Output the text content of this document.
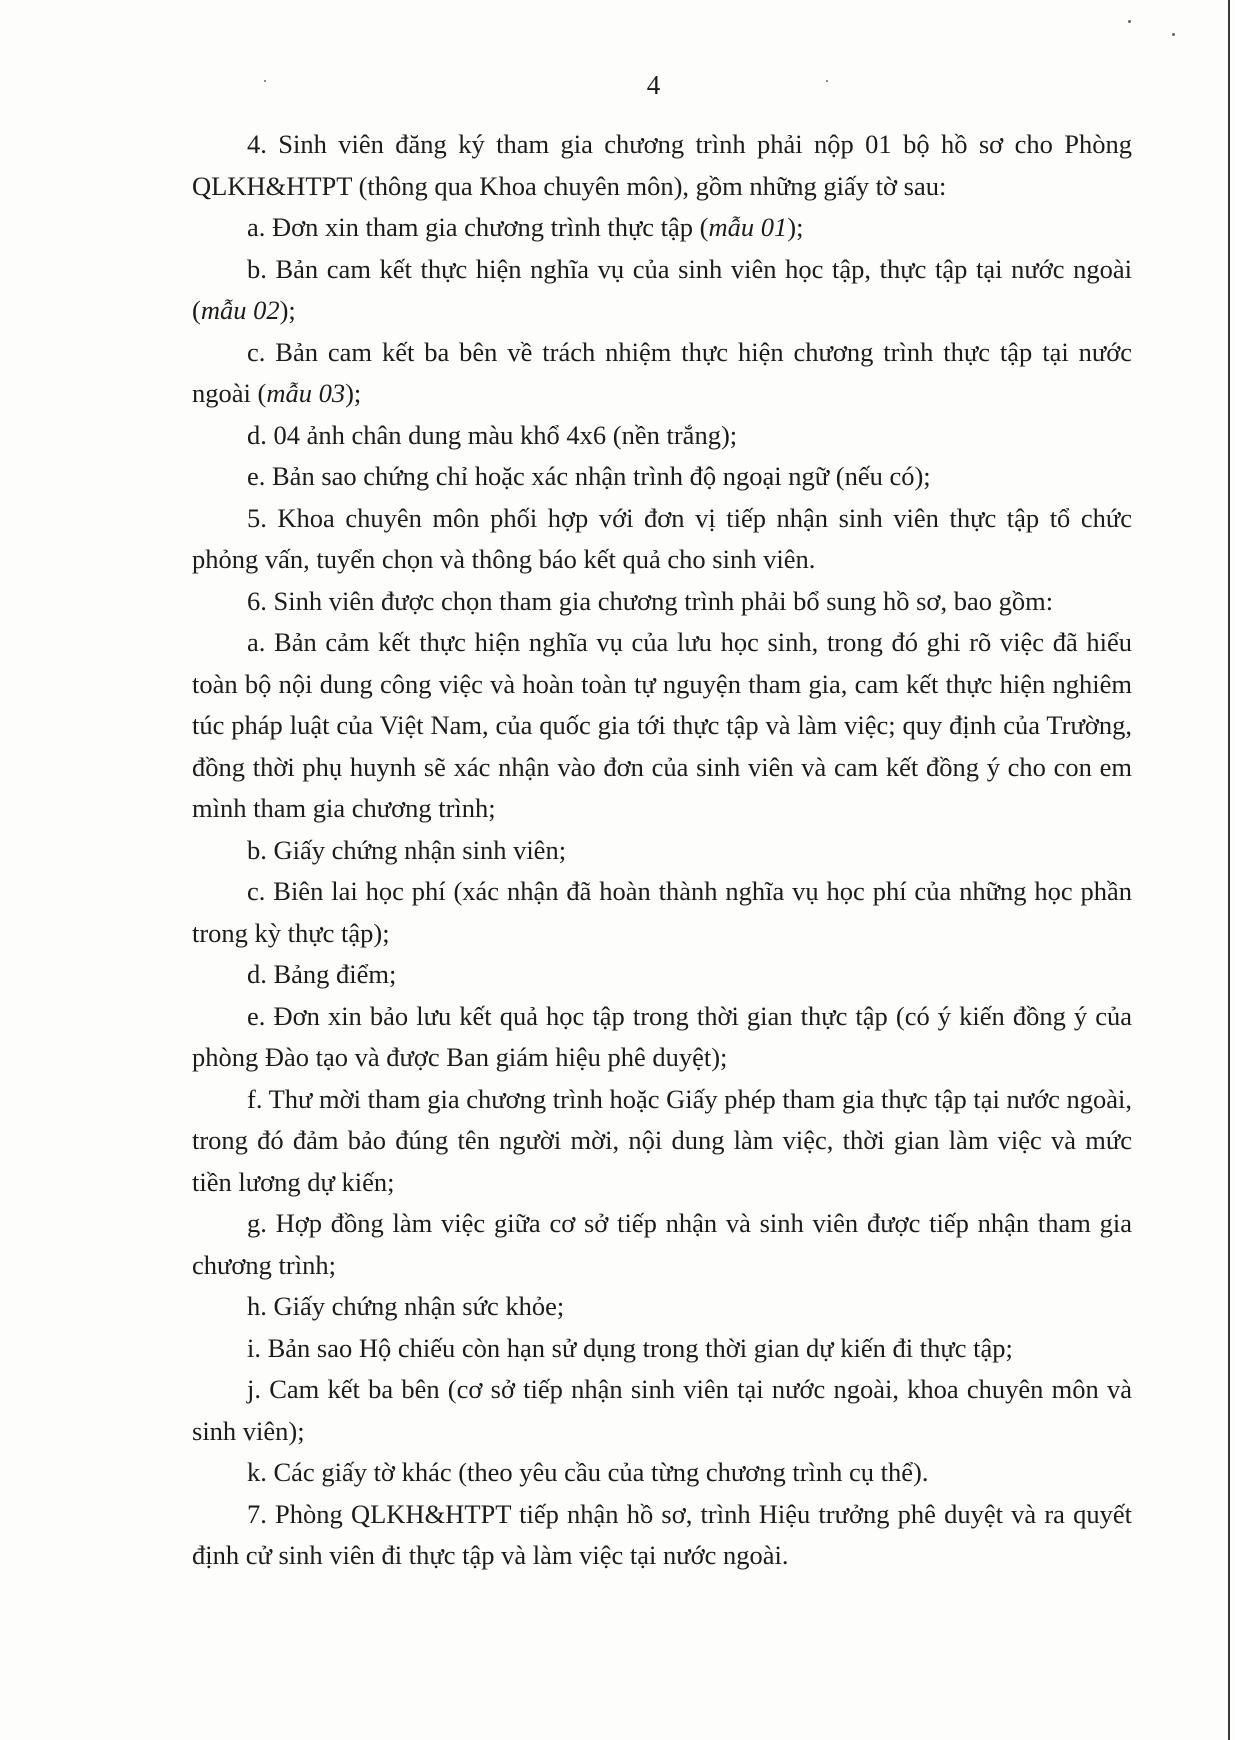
4

4. Sinh viên đăng ký tham gia chương trình phải nộp 01 bộ hồ sơ cho Phòng QLKH&HTPT (thông qua Khoa chuyên môn), gồm những giấy tờ sau:

a. Đơn xin tham gia chương trình thực tập (mẫu 01);

b. Bản cam kết thực hiện nghĩa vụ của sinh viên học tập, thực tập tại nước ngoài (mẫu 02);

c. Bản cam kết ba bên về trách nhiệm thực hiện chương trình thực tập tại nước ngoài (mẫu 03);

d. 04 ảnh chân dung màu khổ 4x6 (nền trắng);

e. Bản sao chứng chỉ hoặc xác nhận trình độ ngoại ngữ (nếu có);

5. Khoa chuyên môn phối hợp với đơn vị tiếp nhận sinh viên thực tập tổ chức phỏng vấn, tuyển chọn và thông báo kết quả cho sinh viên.

6. Sinh viên được chọn tham gia chương trình phải bổ sung hồ sơ, bao gồm:

a. Bản cảm kết thực hiện nghĩa vụ của lưu học sinh, trong đó ghi rõ việc đã hiểu toàn bộ nội dung công việc và hoàn toàn tự nguyện tham gia, cam kết thực hiện nghiêm túc pháp luật của Việt Nam, của quốc gia tới thực tập và làm việc; quy định của Trường, đồng thời phụ huynh sẽ xác nhận vào đơn của sinh viên và cam kết đồng ý cho con em mình tham gia chương trình;

b. Giấy chứng nhận sinh viên;

c. Biên lai học phí (xác nhận đã hoàn thành nghĩa vụ học phí của những học phần trong kỳ thực tập);

d. Bảng điểm;

e. Đơn xin bảo lưu kết quả học tập trong thời gian thực tập (có ý kiến đồng ý của phòng Đào tạo và được Ban giám hiệu phê duyệt);

f. Thư mời tham gia chương trình hoặc Giấy phép tham gia thực tập tại nước ngoài, trong đó đảm bảo đúng tên người mời, nội dung làm việc, thời gian làm việc và mức tiền lương dự kiến;

g. Hợp đồng làm việc giữa cơ sở tiếp nhận và sinh viên được tiếp nhận tham gia chương trình;

h. Giấy chứng nhận sức khỏe;

i. Bản sao Hộ chiếu còn hạn sử dụng trong thời gian dự kiến đi thực tập;

j. Cam kết ba bên (cơ sở tiếp nhận sinh viên tại nước ngoài, khoa chuyên môn và sinh viên);

k. Các giấy tờ khác (theo yêu cầu của từng chương trình cụ thể).

7. Phòng QLKH&HTPT tiếp nhận hồ sơ, trình Hiệu trưởng phê duyệt và ra quyết định cử sinh viên đi thực tập và làm việc tại nước ngoài.
